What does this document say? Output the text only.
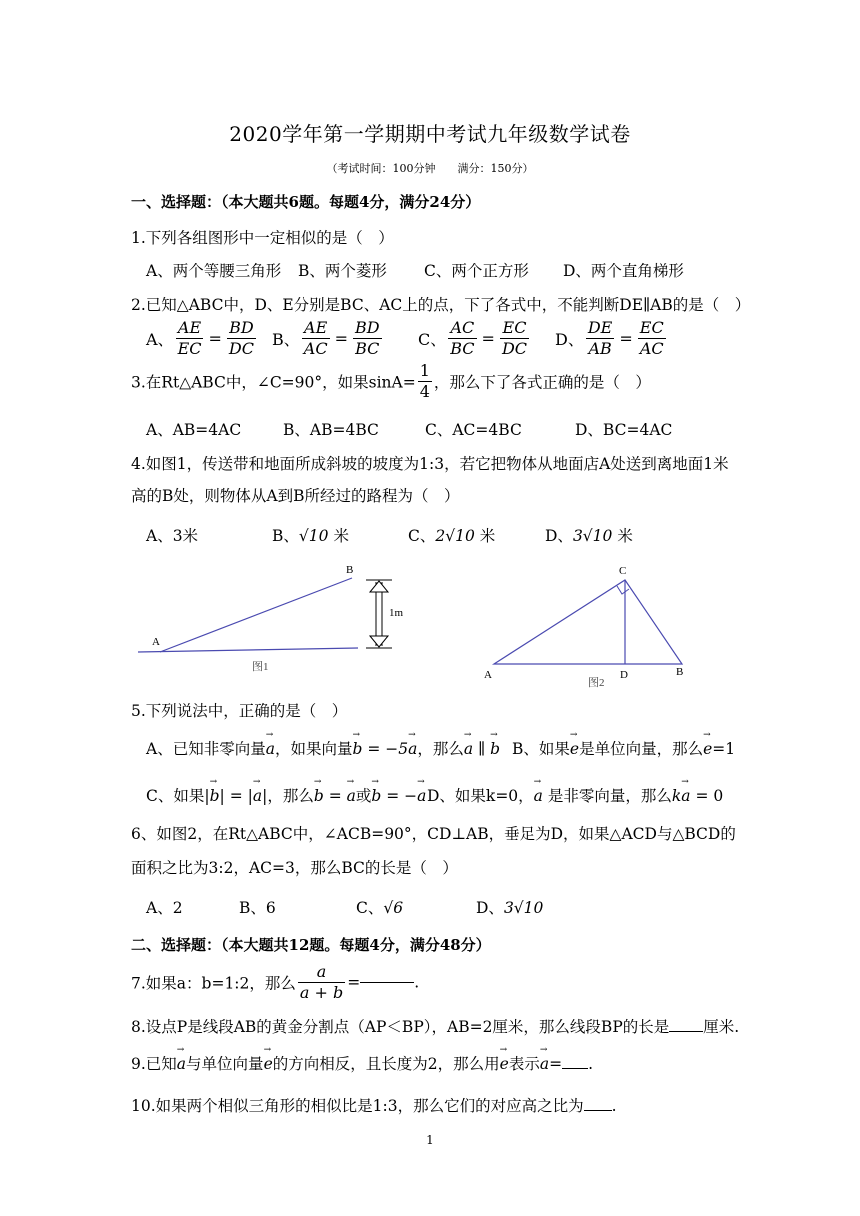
2020学年第一学期期中考试九年级数学试卷
（考试时间：100分钟　　满分：150分）
一、选择题：（本大题共6题。每题4分，满分24分）
1.下列各组图形中一定相似的是（　）
A、两个等腰三角形 B、两个菱形 C、两个正方形 D、两个直角梯形
2.已知△ABC中，D、E分别是BC、AC上的点，下了各式中，不能判断DE∥AB的是（　）
A、 $\frac{AE}{EC} = \frac{BD}{DC}$ B、 $\frac{AE}{AC} = \frac{BD}{BC}$ C、 $\frac{AC}{BC} = \frac{EC}{DC}$ D、 $\frac{DE}{AB} = \frac{EC}{AC}$
3.在Rt△ABC中，∠C=90°，如果$\sin A= \frac{1}{4}$ ，那么下了各式正确的是（　）
A、AB=4AC	B、AB=4BC	C、AC=4BC	D、BC=4AC
4.如图1，传送带和地面所成斜坡的坡度为1:3，若它把物体从地面店A处送到离地面1米
高的B处，则物体从A到B所经过的路程为（　）
A、3米	B、√10 米	C、2√10 米	D、3√10 米
A
B
1m
图1
C
A	D	B
图2
5.下列说法中，正确的是（　）
A、已知非零向量→ a，如果向量→ b = −5→ a，那么→ a ∥ → b B、如果→ e是单位向量，那么→ e=1
C、如果|→ b| = |→ a|，那么→ b = → a或→ b = −→ a D、如果k=0，→ a 是非零向量，那么k→ a = 0
6、如图2，在Rt△ABC中，∠ACB=90°，CD⊥AB，垂足为D，如果△ACD与△BCD的
面积之比为3:2，AC=3，那么BC的长是（　）
A、2	B、6	C、√6	D、3√10
二、选择题：（本大题共12题。每题4分，满分48分）
7.如果a：b=1:2，那么 $\frac{a}{a + b}$ =	.
8.设点P是线段AB的黄金分割点（AP＜BP），AB=2厘米，那么线段BP的长是 厘米.
9.已知→ a与单位向量→ e的方向相反，且长度为2，那么用→ e表示→ a= .
10.如果两个相似三角形的相似比是1:3，那么它们的对应高之比为 .
1
